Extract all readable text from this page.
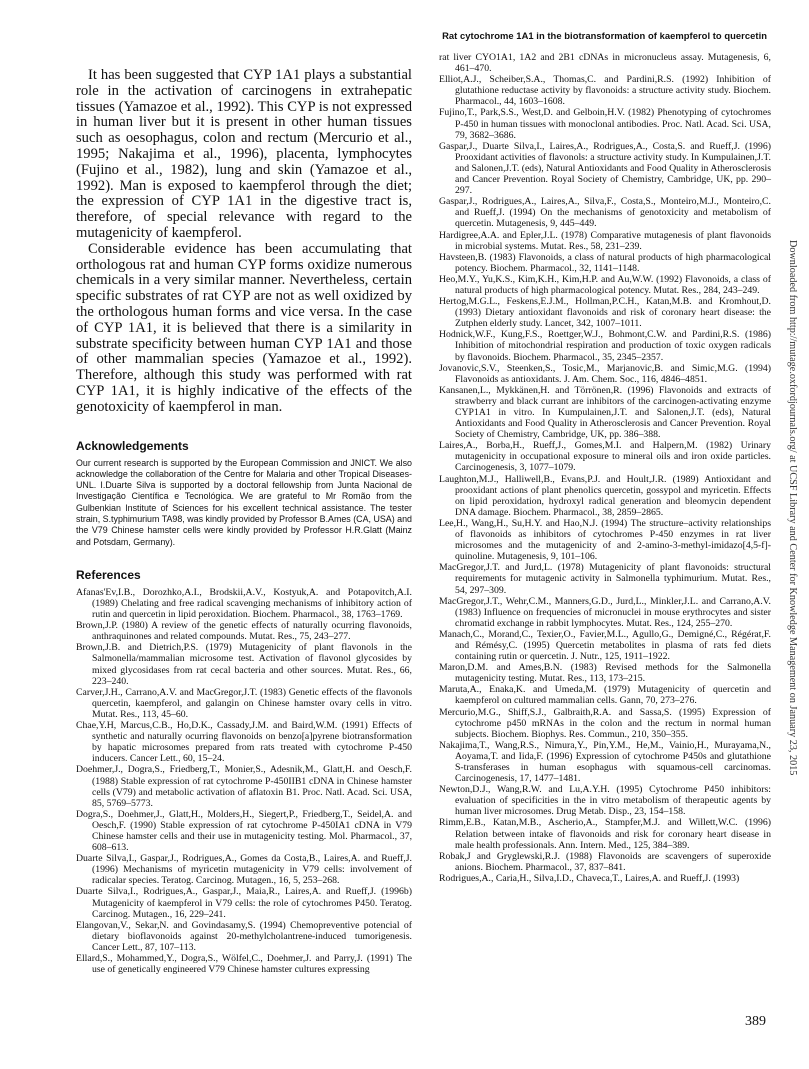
Rat cytochrome 1A1 in the biotransformation of kaempferol to quercetin

It has been suggested that CYP 1A1 plays a substantial role in the activation of carcinogens in extrahepatic tissues (Yamazoe et al., 1992). This CYP is not expressed in human liver but it is present in other human tissues such as oesophagus, colon and rectum (Mercurio et al., 1995; Nakajima et al., 1996), placenta, lymphocytes (Fujino et al., 1982), lung and skin (Yamazoe et al., 1992). Man is exposed to kaempferol through the diet; the expression of CYP 1A1 in the digestive tract is, therefore, of special relevance with regard to the mutagenicity of kaempferol.

Considerable evidence has been accumulating that orthologous rat and human CYP forms oxidize numerous chemicals in a very similar manner. Nevertheless, certain specific substrates of rat CYP are not as well oxidized by the orthologous human forms and vice versa. In the case of CYP 1A1, it is believed that there is a similarity in substrate specificity between human CYP 1A1 and those of other mammalian species (Yamazoe et al., 1992). Therefore, although this study was performed with rat CYP 1A1, it is highly indicative of the effects of the genotoxicity of kaempferol in man.

Acknowledgements

Our current research is supported by the European Commission and JNICT. We also acknowledge the collaboration of the Centre for Malaria and other Tropical Diseases-UNL. I.Duarte Silva is supported by a doctoral fellowship from Junta Nacional de Investigação Científica e Tecnológica. We are grateful to Mr Romão from the Gulbenkian Institute of Sciences for his excellent technical assistance. The tester strain, S.typhimurium TA98, was kindly provided by Professor B.Ames (CA, USA) and the V79 Chinese hamster cells were kindly provided by Professor H.R.Glatt (Mainz and Potsdam, Germany).

References
Afanas'Ev,I.B., Dorozhko,A.I., Brodskii,A.V., Kostyuk,A. and Potapovitch,A.I. (1989) Chelating and free radical scavenging mechanisms of inhibitory action of rutin and quercetin in lipid peroxidation. Biochem. Pharmacol., 38, 1763–1769.
Brown,J.P. (1980) A review of the genetic effects of naturally ocurring flavonoids, anthraquinones and related compounds. Mutat. Res., 75, 243–277.
Brown,J.B. and Dietrich,P.S. (1979) Mutagenicity of plant flavonols in the Salmonella/mammalian microsome test. Activation of flavonol glycosides by mixed glycosidases from rat cecal bacteria and other sources. Mutat. Res., 66, 223–240.
Carver,J.H., Carrano,A.V. and MacGregor,J.T. (1983) Genetic effects of the flavonols quercetin, kaempferol, and galangin on Chinese hamster ovary cells in vitro. Mutat. Res., 113, 45–60.
Chae,Y.H, Marcus,C.B., Ho,D.K., Cassady,J.M. and Baird,W.M. (1991) Effects of synthetic and naturally ocurring flavonoids on benzo[a]pyrene biotransformation by hapatic microsomes prepared from rats treated with cytochrome P-450 inducers. Cancer Lett., 60, 15–24.
Doehmer,J., Dogra,S., Friedberg,T., Monier,S., Adesnik,M., Glatt,H. and Oesch,F. (1988) Stable expression of rat cytochrome P-450IIB1 cDNA in Chinese hamster cells (V79) and metabolic activation of aflatoxin B1. Proc. Natl. Acad. Sci. USA, 85, 5769–5773.
Dogra,S., Doehmer,J., Glatt,H., Molders,H., Siegert,P., Friedberg,T., Seidel,A. and Oesch,F. (1990) Stable expression of rat cytochrome P-450IA1 cDNA in V79 Chinese hamster cells and their use in mutagenicity testing. Mol. Pharmacol., 37, 608–613.
Duarte Silva,I., Gaspar,J., Rodrigues,A., Gomes da Costa,B., Laires,A. and Rueff,J. (1996) Mechanisms of myricetin mutagenicity in V79 cells: involvement of radicalar species. Teratog. Carcinog. Mutagen., 16, 5, 253–268.
Duarte Silva,I., Rodrigues,A., Gaspar,J., Maia,R., Laires,A. and Rueff,J. (1996b) Mutagenicity of kaempferol in V79 cells: the role of cytochromes P450. Teratog. Carcinog. Mutagen., 16, 229–241.
Elangovan,V., Sekar,N. and Govindasamy,S. (1994) Chemopreventive potencial of dietary bioflavonoids against 20-methylcholantrene-induced tumorigenesis. Cancer Lett., 87, 107–113.
Ellard,S., Mohammed,Y., Dogra,S., Wölfel,C., Doehmer,J. and Parry,J. (1991) The use of genetically engineered V79 Chinese hamster cultures expressing
rat liver CYO1A1, 1A2 and 2B1 cDNAs in micronucleus assay. Mutagenesis, 6, 461–470.
Elliot,A.J., Scheiber,S.A., Thomas,C. and Pardini,R.S. (1992) Inhibition of glutathione reductase activity by flavonoids: a structure activity study. Biochem. Pharmacol., 44, 1603–1608.
Fujino,T., Park,S.S., West,D. and Gelboin,H.V. (1982) Phenotyping of cytochromes P-450 in human tissues with monoclonal antibodies. Proc. Natl. Acad. Sci. USA, 79, 3682–3686.
Gaspar,J., Duarte Silva,I., Laires,A., Rodrigues,A., Costa,S. and Rueff,J. (1996) Prooxidant activities of flavonols: a structure activity study. In Kumpulainen,J.T. and Salonen,J.T. (eds), Natural Antioxidants and Food Quality in Atherosclerosis and Cancer Prevention. Royal Society of Chemistry, Cambridge, UK, pp. 290–297.
Gaspar,J., Rodrigues,A., Laires,A., Silva,F., Costa,S., Monteiro,M.J., Monteiro,C. and Rueff,J. (1994) On the mechanisms of genotoxicity and metabolism of quercetin. Mutagenesis, 9, 445–449.
Hardigree,A.A. and Epler,J.L. (1978) Comparative mutagenesis of plant flavonoids in microbial systems. Mutat. Res., 58, 231–239.
Havsteen,B. (1983) Flavonoids, a class of natural products of high pharmacological potency. Biochem. Pharmacol., 32, 1141–1148.
Heo,M.Y., Yu,K.S., Kim,K.H., Kim,H.P. and Au,W.W. (1992) Flavonoids, a class of natural products of high pharmacological potency. Mutat. Res., 284, 243–249.
Hertog,M.G.L., Feskens,E.J.M., Hollman,P.C.H., Katan,M.B. and Kromhout,D. (1993) Dietary antioxidant flavonoids and risk of coronary heart disease: the Zutphen elderly study. Lancet, 342, 1007–1011.
Hodnick,W.F., Kung,F.S., Roettger,W.J., Bohmont,C.W. and Pardini,R.S. (1986) Inhibition of mitochondrial respiration and production of toxic oxygen radicals by flavonoids. Biochem. Pharmacol., 35, 2345–2357.
Jovanovic,S.V., Steenken,S., Tosic,M., Marjanovic,B. and Simic,M.G. (1994) Flavonoids as antioxidants. J. Am. Chem. Soc., 116, 4846–4851.
Kansanen,L., Mykkänen,H. and Törrönen,R. (1996) Flavonoids and extracts of strawberry and black currant are inhibitors of the carcinogen-activating enzyme CYP1A1 in vitro. In Kumpulainen,J.T. and Salonen,J.T. (eds), Natural Antioxidants and Food Quality in Atherosclerosis and Cancer Prevention. Royal Society of Chemistry, Cambridge, UK, pp. 386–388.
Laires,A., Borba,H., Rueff,J., Gomes,M.I. and Halpern,M. (1982) Urinary mutagenicity in occupational exposure to mineral oils and iron oxide particles. Carcinogenesis, 3, 1077–1079.
Laughton,M.J., Halliwell,B., Evans,P.J. and Hoult,J.R. (1989) Antioxidant and prooxidant actions of plant phenolics quercetin, gossypol and myricetin. Effects on lipid peroxidation, hydroxyl radical generation and bleomycin dependent DNA damage. Biochem. Pharmacol., 38, 2859–2865.
Lee,H., Wang,H., Su,H.Y. and Hao,N.J. (1994) The structure–activity relationships of flavonoids as inhibitors of cytochromes P-450 enzymes in rat liver microsomes and the mutagenicity of and 2-amino-3-methyl-imidazo[4,5-f]-quinoline. Mutagenesis, 9, 101–106.
MacGregor,J.T. and Jurd,L. (1978) Mutagenicity of plant flavonoids: structural requirements for mutagenic activity in Salmonella typhimurium. Mutat. Res., 54, 297–309.
MacGregor,J.T., Wehr,C.M., Manners,G.D., Jurd,L., Minkler,J.L. and Carrano,A.V. (1983) Influence on frequencies of micronuclei in mouse erythrocytes and sister chromatid exchange in rabbit lymphocytes. Mutat. Res., 124, 255–270.
Manach,C., Morand,C., Texier,O., Favier,M.L., Agullo,G., Demigné,C., Régérat,F. and Rémésy,C. (1995) Quercetin metabolites in plasma of rats fed diets containing rutin or quercetin. J. Nutr., 125, 1911–1922.
Maron,D.M. and Ames,B.N. (1983) Revised methods for the Salmonella mutagenicity testing. Mutat. Res., 113, 173–215.
Maruta,A., Enaka,K. and Umeda,M. (1979) Mutagenicity of quercetin and kaempferol on cultured mammalian cells. Gann, 70, 273–276.
Mercurio,M.G., Shiff,S.J., Galbraith,R.A. and Sassa,S. (1995) Expression of cytochrome p450 mRNAs in the colon and the rectum in normal human subjects. Biochem. Biophys. Res. Commun., 210, 350–355.
Nakajima,T., Wang,R.S., Nimura,Y., Pin,Y.M., He,M., Vainio,H., Murayama,N., Aoyama,T. and Iida,F. (1996) Expression of cytochrome P450s and glutathione S-transferases in human esophagus with squamous-cell carcinomas. Carcinogenesis, 17, 1477–1481.
Newton,D.J., Wang,R.W. and Lu,A.Y.H. (1995) Cytochrome P450 inhibitors: evaluation of specificities in the in vitro metabolism of therapeutic agents by human liver microsomes. Drug Metab. Disp., 23, 154–158.
Rimm,E.B., Katan,M.B., Ascherio,A., Stampfer,M.J. and Willett,W.C. (1996) Relation between intake of flavonoids and risk for coronary heart disease in male health professionals. Ann. Intern. Med., 125, 384–389.
Robak,J and Gryglewski,R.J. (1988) Flavonoids are scavengers of superoxide anions. Biochem. Pharmacol., 37, 837–841.
Rodrigues,A., Caria,H., Silva,I.D., Chaveca,T., Laires,A. and Rueff,J. (1993)
389
Downloaded from http://mutage.oxfordjournals.org/ at UCSF Library and Center for Knowledge Management on January 23, 2015
